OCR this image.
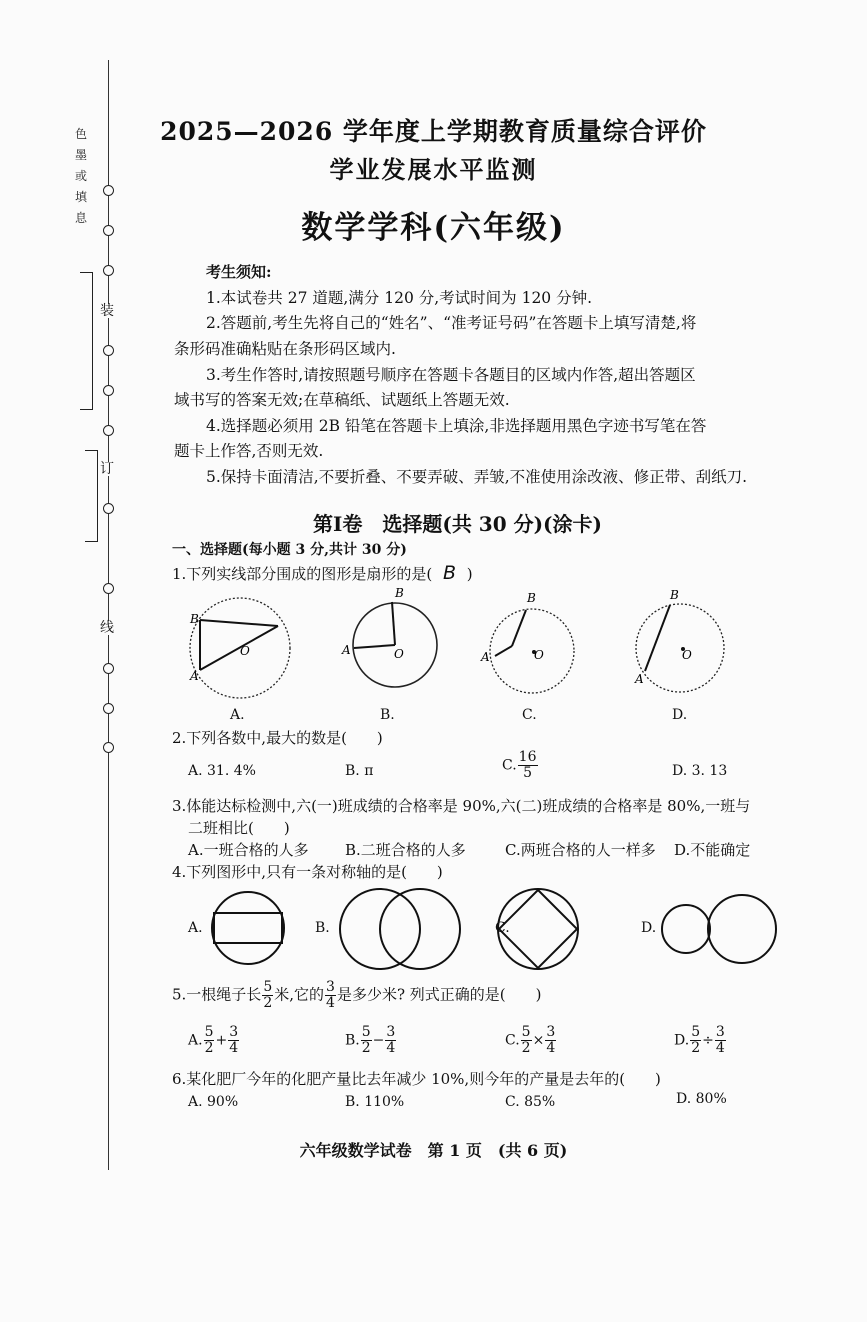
色
墨
或
填
息
装
订
线
2025—2026 学年度上学期教育质量综合评价
学业发展水平监测
数学学科(六年级)
考生须知:
1.本试卷共 27 道题,满分 120 分,考试时间为 120 分钟.
2.答题前,考生先将自己的“姓名”、“准考证号码”在答题卡上填写清楚,将
条形码准确粘贴在条形码区域内.
3.考生作答时,请按照题号顺序在答题卡各题目的区域内作答,超出答题区
域书写的答案无效;在草稿纸、试题纸上答题无效.
4.选择题必须用 2B 铅笔在答题卡上填涂,非选择题用黑色字迹书写笔在答
题卡上作答,否则无效.
5.保持卡面清洁,不要折叠、不要弄破、弄皱,不准使用涂改液、修正带、刮纸刀.
第Ⅰ卷　选择题(共 30 分)(涂卡)
一、选择题(每小题 3 分,共计 30 分)
1.下列实线部分围成的图形是扇形的是( B )
B
A
O
B
A	O
B
A	O
B
A
O
A.	B.	C.	D.
2.下列各数中,最大的数是(　　)
A. 31. 4%	B. π	C. $\frac{16}{5}$	D. 3. 13
3.体能达标检测中,六(一)班成绩的合格率是 90%,六(二)班成绩的合格率是 80%,一班与
二班相比(　　)
A.一班合格的人多 B.二班合格的人多	C.两班合格的人一样多 D.不能确定
4.下列图形中,只有一条对称轴的是(　　)
A.	B.	C.	D.
5.一根绳子长 $\frac{5}{2}$ 米,它的 $\frac{3}{4}$ 是多少米? 列式正确的是(　　)
A. $\frac{5}{2} + \frac{3}{4}$	B. $\frac{5}{2} - \frac{3}{4}$	C. $\frac{5}{2} \times \frac{3}{4}$	D. $\frac{5}{2} \div \frac{3}{4}$
6.某化肥厂今年的化肥产量比去年减少 10%,则今年的产量是去年的(　　)
A. 90%	B. 110%	C. 85%	D. 80%
六年级数学试卷　第 1 页　(共 6 页)
